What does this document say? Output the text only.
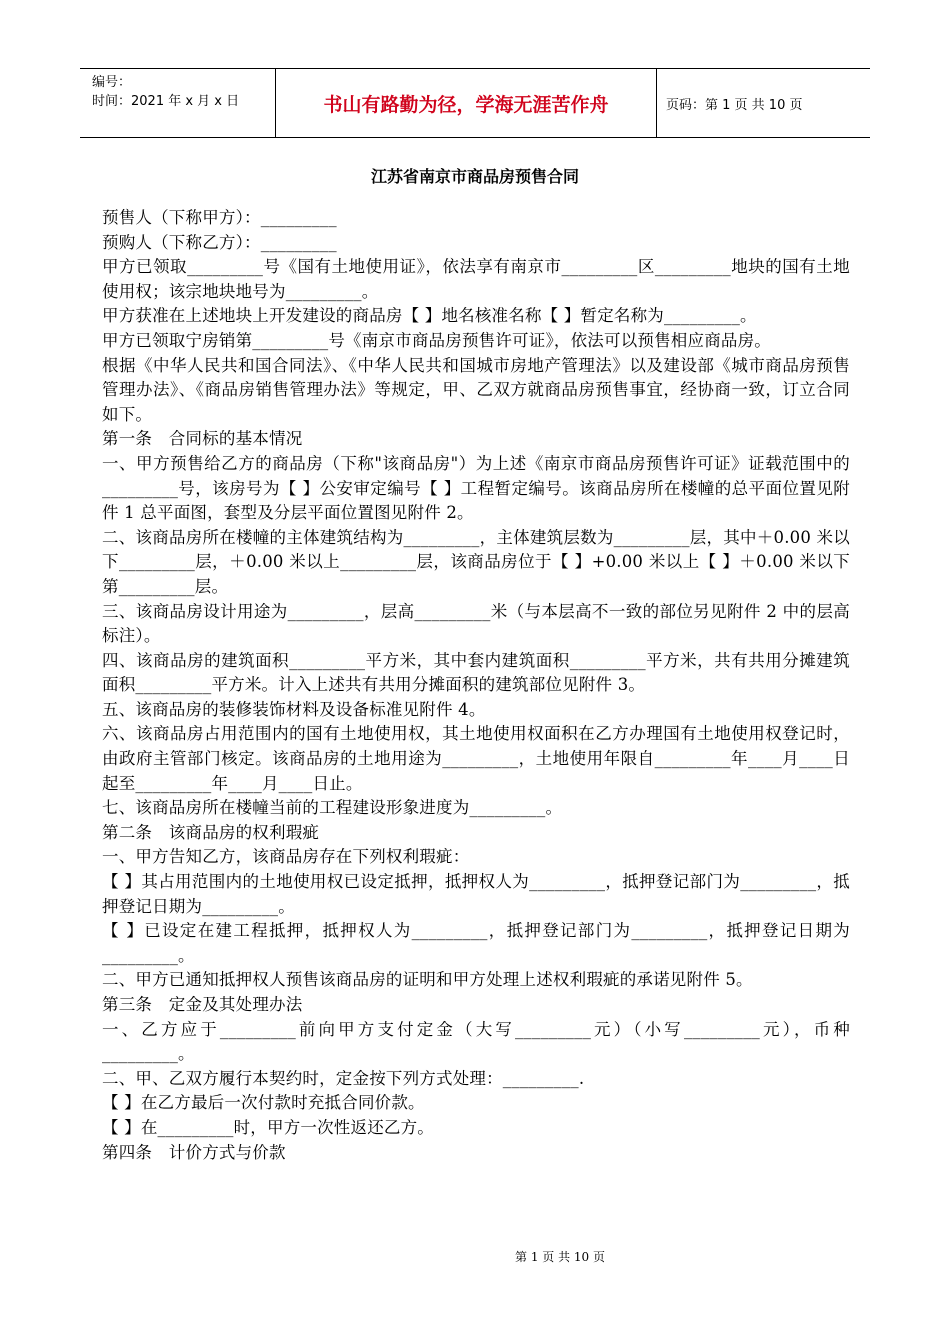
编号：
时间：2021 年 x 月 x 日	书山有路勤为径，学海无涯苦作舟	页码：第 1 页 共 10 页
江苏省南京市商品房预售合同

预售人（下称甲方）：_________

预购人（下称乙方）：_________

甲方已领取_________号《国有土地使用证》，依法享有南京市_________区_________地块的国有土地使用权；该宗地块地号为_________。

甲方获准在上述地块上开发建设的商品房【 】地名核准名称【 】暂定名称为_________。

甲方已领取宁房销第_________号《南京市商品房预售许可证》，依法可以预售相应商品房。

根据《中华人民共和国合同法》、《中华人民共和国城市房地产管理法》以及建设部《城市商品房预售管理办法》、《商品房销售管理办法》等规定，甲、乙双方就商品房预售事宜，经协商一致，订立合同如下。

第一条　合同标的基本情况

一、甲方预售给乙方的商品房（下称"该商品房"）为上述《南京市商品房预售许可证》证载范围中的_________号，该房号为【 】公安审定编号【 】工程暂定编号。该商品房所在楼幢的总平面位置见附件 1 总平面图，套型及分层平面位置图见附件 2。

二、该商品房所在楼幢的主体建筑结构为_________，主体建筑层数为_________层，其中＋0.00 米以下_________层，＋0.00 米以上_________层，该商品房位于【 】+0.00 米以上【 】＋0.00 米以下第_________层。

三、该商品房设计用途为_________，层高_________米（与本层高不一致的部位另见附件 2 中的层高标注）。

四、该商品房的建筑面积_________平方米，其中套内建筑面积_________平方米，共有共用分摊建筑面积_________平方米。计入上述共有共用分摊面积的建筑部位见附件 3。

五、该商品房的装修装饰材料及设备标准见附件 4。

六、该商品房占用范围内的国有土地使用权，其土地使用权面积在乙方办理国有土地使用权登记时，由政府主管部门核定。该商品房的土地用途为_________，土地使用年限自_________年____月____日起至_________年____月____日止。

七、该商品房所在楼幢当前的工程建设形象进度为_________。

第二条　该商品房的权利瑕疵

一、甲方告知乙方，该商品房存在下列权利瑕疵：

【 】其占用范围内的土地使用权已设定抵押，抵押权人为_________，抵押登记部门为_________，抵押登记日期为_________。

【 】已设定在建工程抵押，抵押权人为_________，抵押登记部门为_________，抵押登记日期为_________。

二、甲方已通知抵押权人预售该商品房的证明和甲方处理上述权利瑕疵的承诺见附件 5。

第三条　定金及其处理办法

一、乙方应于_________前向甲方支付定金（大写_________元）（小写_________元），币种_________。

二、甲、乙双方履行本契约时，定金按下列方式处理：_________.

【 】在乙方最后一次付款时充抵合同价款。

【 】在_________时，甲方一次性返还乙方。

第四条　计价方式与价款

第 1 页 共 10 页
